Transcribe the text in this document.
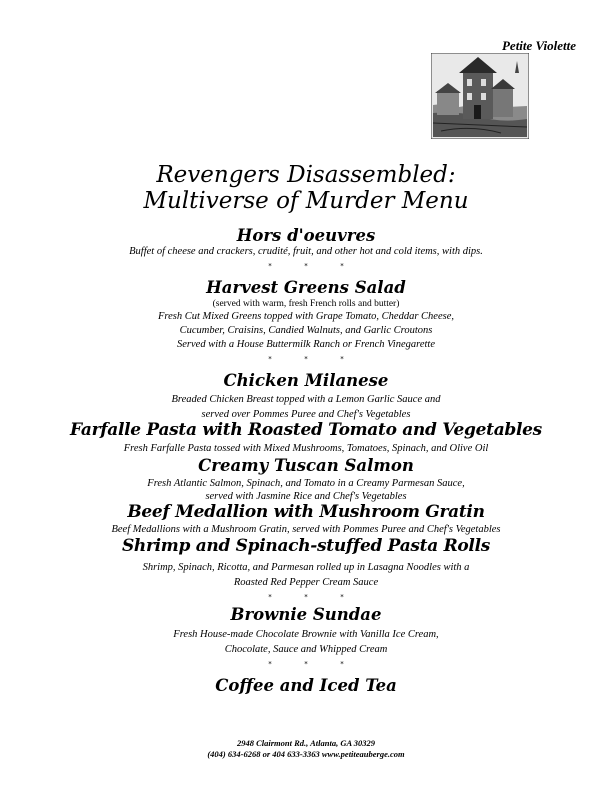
Petite Violette
Revengers Disassembled:
Multiverse of Murder Menu
Hors d'oeuvres
Buffet of cheese and crackers, crudité, fruit, and other hot and cold items, with dips.
*	*	*
Harvest Greens Salad
(served with warm, fresh French rolls and butter)
Fresh Cut Mixed Greens topped with Grape Tomato, Cheddar Cheese,
Cucumber, Craisins, Candied Walnuts, and Garlic Croutons
Served with a House Buttermilk Ranch or French Vinegarette
*	*	*
Chicken Milanese
Breaded Chicken Breast topped with a Lemon Garlic Sauce and
served over Pommes Puree and Chef's Vegetables
Farfalle Pasta with Roasted Tomato and Vegetables
Fresh Farfalle Pasta tossed with Mixed Mushrooms, Tomatoes, Spinach, and Olive Oil
Creamy Tuscan Salmon
Fresh Atlantic Salmon, Spinach, and Tomato in a Creamy Parmesan Sauce,
served with Jasmine Rice and Chef's Vegetables
Beef Medallion with Mushroom Gratin
Beef Medallions with a Mushroom Gratin, served with Pommes Puree and Chef's Vegetables
Shrimp and Spinach-stuffed Pasta Rolls
Shrimp, Spinach, Ricotta, and Parmesan rolled up in Lasagna Noodles with a
Roasted Red Pepper Cream Sauce
*	*	*
Brownie Sundae
Fresh House-made Chocolate Brownie with Vanilla Ice Cream,
Chocolate, Sauce and Whipped Cream
*	*	*
Coffee and Iced Tea
2948 Clairmont Rd., Atlanta, GA 30329
(404) 634-6268 or 404 633-3363 www.petiteauberge.com
